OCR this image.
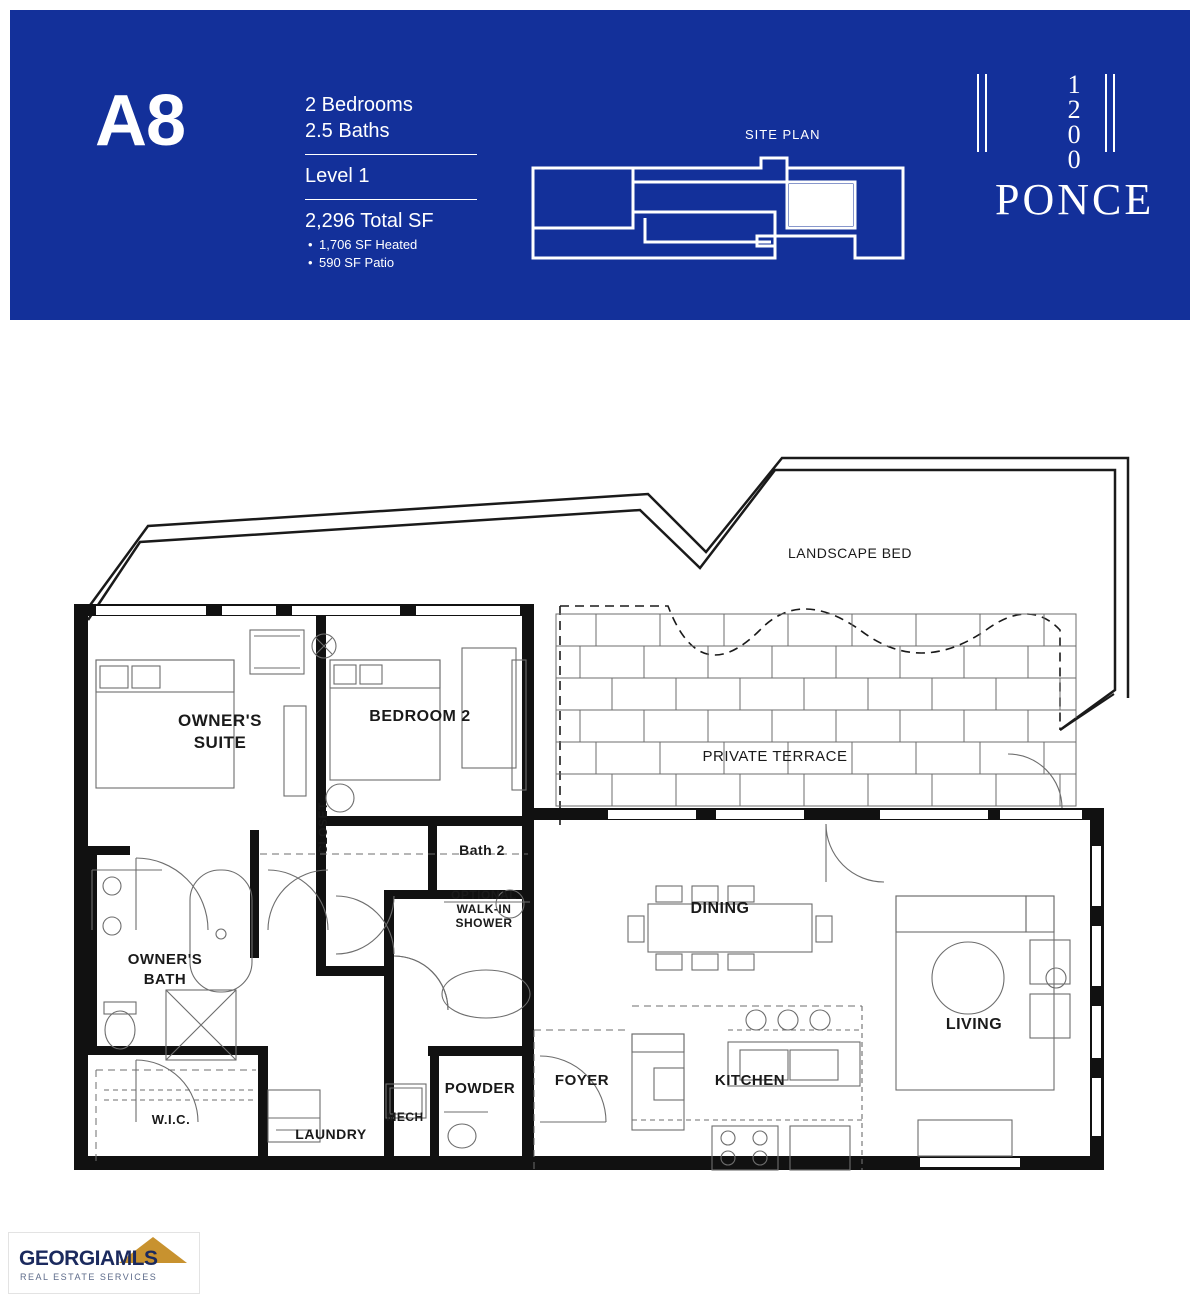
A8	2 Bedrooms
2.5 Baths
Level 1
2,296 Total SF
• 1,706 SF Heated
• 590 SF Patio
SITE PLAN
1
2
0
0
PONCE
OWNER'S
SUITE
BEDROOM 2
OWNER'S
BATH
CLOSET	Bath 2
OPTIONAL
WALK-IN
SHOWER
W.I.C.
LAUNDRY
MECH
POWDER	FOYER	KITCHEN
DINING
LIVING
PRIVATE TERRACE
LANDSCAPE BED
GEORGIAMLS
REAL ESTATE SERVICES
